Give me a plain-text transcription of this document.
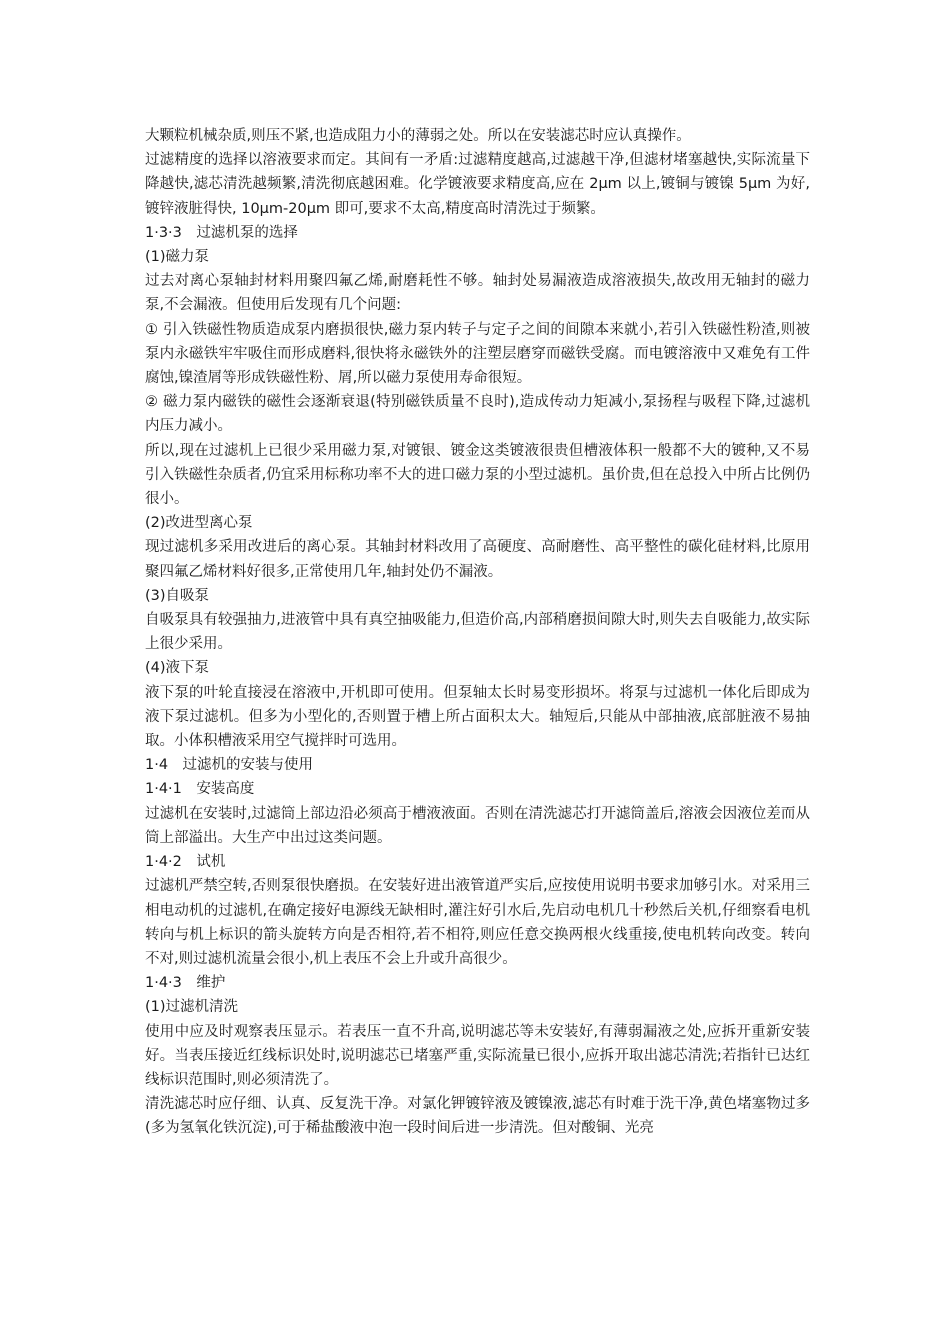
大颗粒机械杂质,则压不紧,也造成阻力小的薄弱之处。所以在安装滤芯时应认真操作。
过滤精度的选择以溶液要求而定。其间有一矛盾:过滤精度越高,过滤越干净,但滤材堵塞越快,实际流量下降越快,滤芯清洗越频繁,清洗彻底越困难。化学镀液要求精度高,应在 2μm 以上,镀铜与镀镍 5μm 为好,镀锌液脏得快, 10μm-20μm 即可,要求不太高,精度高时清洗过于频繁。
1·3·3　过滤机泵的选择
(1)磁力泵
过去对离心泵轴封材料用聚四氟乙烯,耐磨耗性不够。轴封处易漏液造成溶液损失,故改用无轴封的磁力泵,不会漏液。但使用后发现有几个问题:
① 引入铁磁性物质造成泵内磨损很快,磁力泵内转子与定子之间的间隙本来就小,若引入铁磁性粉渣,则被泵内永磁铁牢牢吸住而形成磨料,很快将永磁铁外的注塑层磨穿而磁铁受腐。而电镀溶液中又难免有工件腐蚀,镍渣屑等形成铁磁性粉、屑,所以磁力泵使用寿命很短。
② 磁力泵内磁铁的磁性会逐渐衰退(特别磁铁质量不良时),造成传动力矩减小,泵扬程与吸程下降,过滤机内压力减小。
所以,现在过滤机上已很少采用磁力泵,对镀银、镀金这类镀液很贵但槽液体积一般都不大的镀种,又不易引入铁磁性杂质者,仍宜采用标称功率不大的进口磁力泵的小型过滤机。虽价贵,但在总投入中所占比例仍很小。
(2)改进型离心泵
现过滤机多采用改进后的离心泵。其轴封材料改用了高硬度、高耐磨性、高平整性的碳化硅材料,比原用聚四氟乙烯材料好很多,正常使用几年,轴封处仍不漏液。
(3)自吸泵
自吸泵具有较强抽力,进液管中具有真空抽吸能力,但造价高,内部稍磨损间隙大时,则失去自吸能力,故实际上很少采用。
(4)液下泵
液下泵的叶轮直接浸在溶液中,开机即可使用。但泵轴太长时易变形损坏。将泵与过滤机一体化后即成为液下泵过滤机。但多为小型化的,否则置于槽上所占面积太大。轴短后,只能从中部抽液,底部脏液不易抽取。小体积槽液采用空气搅拌时可选用。
1·4　过滤机的安装与使用
1·4·1　安装高度
过滤机在安装时,过滤筒上部边沿必须高于槽液液面。否则在清洗滤芯打开滤筒盖后,溶液会因液位差而从筒上部溢出。大生产中出过这类问题。
1·4·2　试机
过滤机严禁空转,否则泵很快磨损。在安装好进出液管道严实后,应按使用说明书要求加够引水。对采用三相电动机的过滤机,在确定接好电源线无缺相时,灌注好引水后,先启动电机几十秒然后关机,仔细察看电机转向与机上标识的箭头旋转方向是否相符,若不相符,则应任意交换两根火线重接,使电机转向改变。转向不对,则过滤机流量会很小,机上表压不会上升或升高很少。
1·4·3　维护
(1)过滤机清洗
使用中应及时观察表压显示。若表压一直不升高,说明滤芯等未安装好,有薄弱漏液之处,应拆开重新安装好。当表压接近红线标识处时,说明滤芯已堵塞严重,实际流量已很小,应拆开取出滤芯清洗;若指针已达红线标识范围时,则必须清洗了。
清洗滤芯时应仔细、认真、反复洗干净。对氯化钾镀锌液及镀镍液,滤芯有时难于洗干净,黄色堵塞物过多(多为氢氧化铁沉淀),可于稀盐酸液中泡一段时间后进一步清洗。但对酸铜、光亮
